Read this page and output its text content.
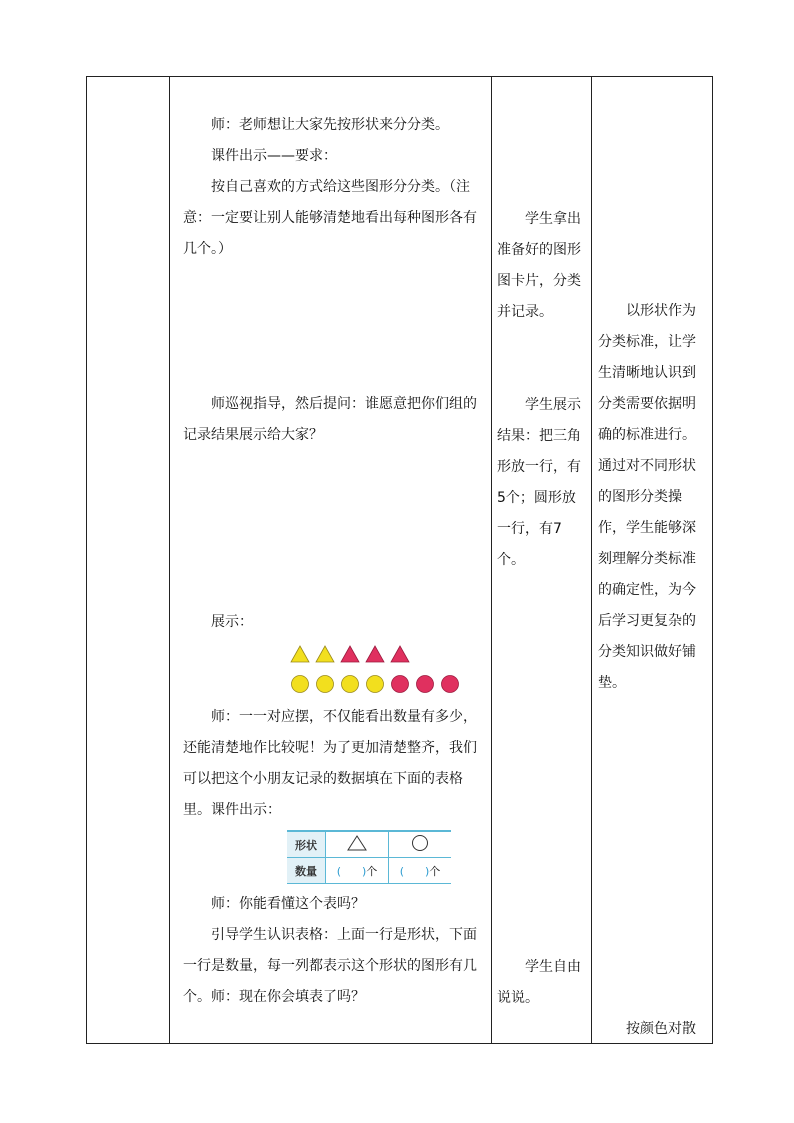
师：老师想让大家先按形状来分分类。

课件出示——要求：

按自己喜欢的方式给这些图形分分类。（注意：一定要让别人能够清楚地看出每种图形各有几个。）

师巡视指导，然后提问：谁愿意把你们组的记录结果展示给大家？

展示：

师：一一对应摆，不仅能看出数量有多少，还能清楚地作比较呢！为了更加清楚整齐，我们可以把这个小朋友记录的数据填在下面的表格里。 课件出示：

形状		
数量	( )个	( )个

师：你能看懂这个表吗？

引导学生认识表格：上面一行是形状，下面一行是数量，每一列都表示这个形状的图形有几个。 师：现在你会填表了吗？

学生拿出准备好的图形图卡片，分类并记录。

学生展示结果：把三角形放一行，有5个；圆形放一行，有7个。

学生自由说说。

以形状作为分类标准，让学生清晰地认识到分类需要依据明确的标准进行。通过对不同形状的图形分类操作，学生能够深刻理解分类标准的确定性，为今后学习更复杂的分类知识做好铺垫。

按颜色对散
